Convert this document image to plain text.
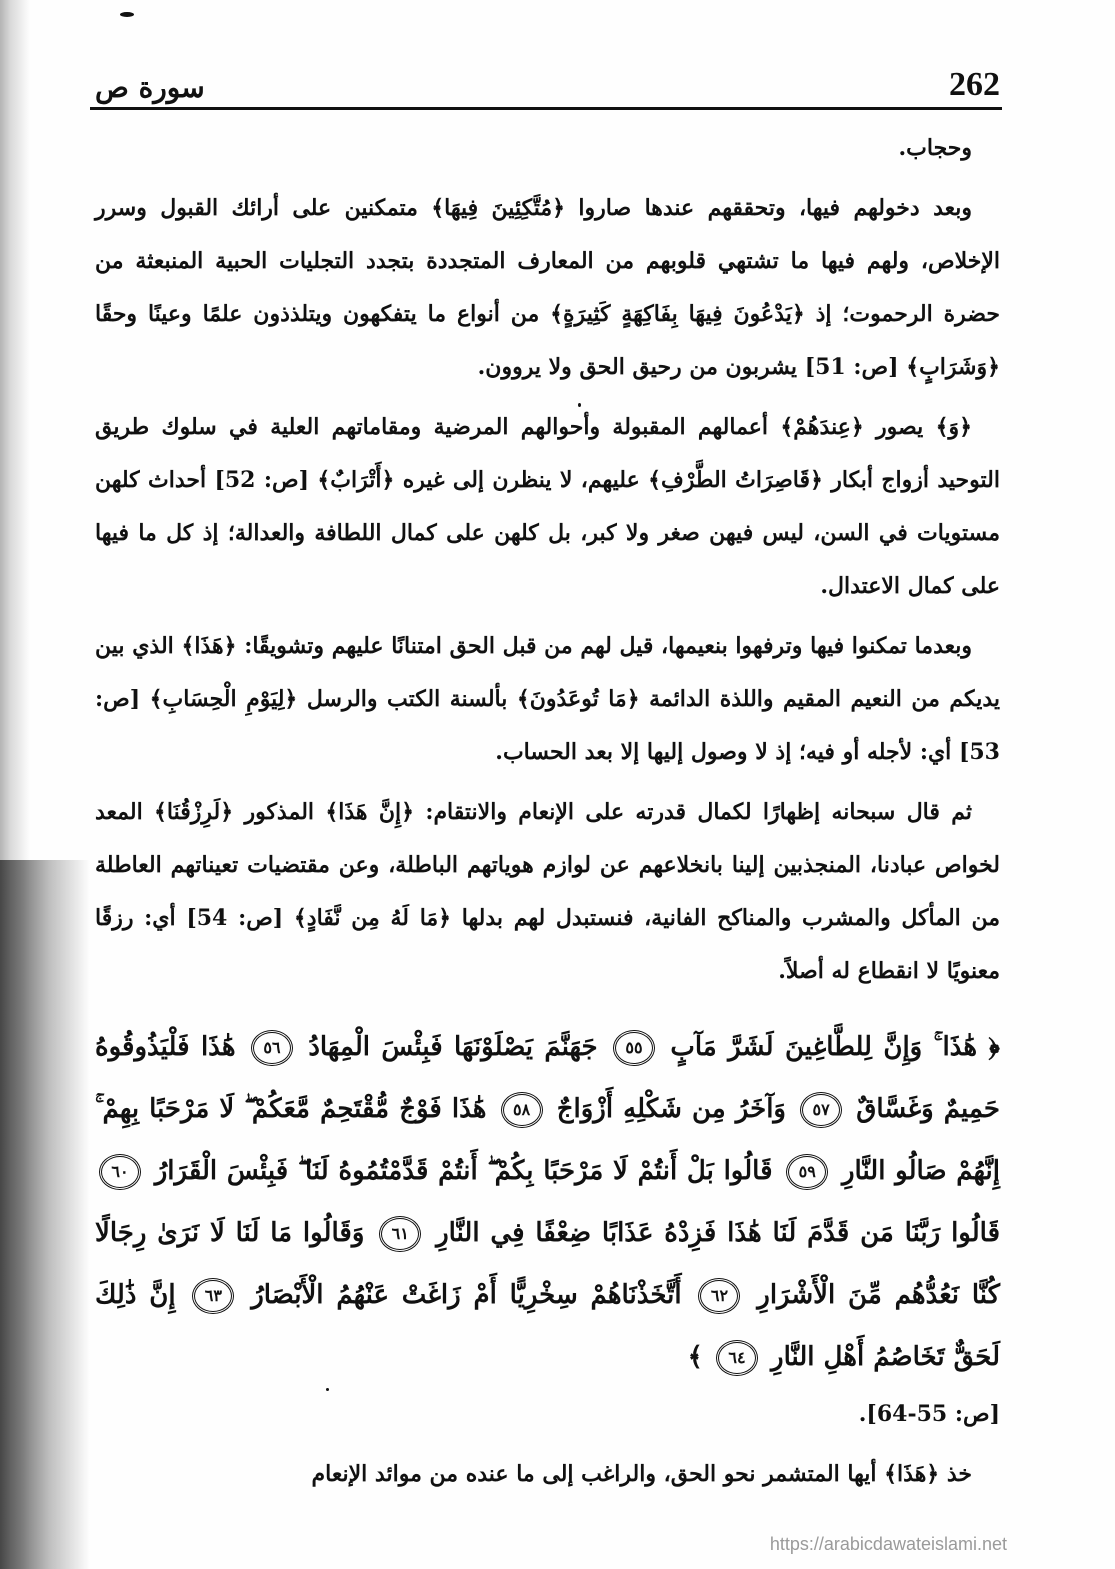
سورة ص	262

وحجاب.

وبعد دخولهم فيها، وتحققهم عندها صاروا ﴿مُتَّكِئِينَ فِيهَا﴾ متمكنين على أرائك القبول وسرر الإخلاص، ولهم فيها ما تشتهي قلوبهم من المعارف المتجددة بتجدد التجليات الحبية المنبعثة من حضرة الرحموت؛ إذ ﴿يَدْعُونَ فِيهَا بِفَاكِهَةٍ كَثِيرَةٍ﴾ من أنواع ما يتفكهون ويتلذذون علمًا وعينًا وحقًا ﴿وَشَرَابٍ﴾ [ص: 51] يشربون من رحيق الحق ولا يروون.

﴿وَ﴾ يصور ﴿عِندَهُمْ﴾ أعمالهم المقبولة وأحوالهم المرضية ومقاماتهم العلية في سلوك طريق التوحيد أزواج أبكار ﴿قَاصِرَاتُ الطَّرْفِ﴾ عليهم، لا ينظرن إلى غيره ﴿أَتْرَابٌ﴾ [ص: 52] أحداث كلهن مستويات في السن، ليس فيهن صغر ولا كبر، بل كلهن على كمال اللطافة والعدالة؛ إذ كل ما فيها على كمال الاعتدال.

وبعدما تمكنوا فيها وترفهوا بنعيمها، قيل لهم من قبل الحق امتنانًا عليهم وتشويقًا: ﴿هَذَا﴾ الذي بين يديكم من النعيم المقيم واللذة الدائمة ﴿مَا تُوعَدُونَ﴾ بألسنة الكتب والرسل ﴿لِيَوْمِ الْحِسَابِ﴾ [ص: 53] أي: لأجله أو فيه؛ إذ لا وصول إليها إلا بعد الحساب.

ثم قال سبحانه إظهارًا لكمال قدرته على الإنعام والانتقام: ﴿إِنَّ هَذَا﴾ المذكور ﴿لَرِزْقُنَا﴾ المعد لخواص عبادنا، المنجذبين إلينا بانخلاعهم عن لوازم هوياتهم الباطلة، وعن مقتضيات تعيناتهم العاطلة من المأكل والمشرب والمناكح الفانية، فنستبدل لهم بدلها ﴿مَا لَهُ مِن نَّفَادٍ﴾ [ص: 54] أي: رزقًا معنويًا لا انقطاع له أصلاً.

﴿ هَٰذَا ۚ وَإِنَّ لِلطَّاغِينَ لَشَرَّ مَآبٍ ٥٥ جَهَنَّمَ يَصْلَوْنَهَا فَبِئْسَ الْمِهَادُ ٥٦ هَٰذَا فَلْيَذُوقُوهُ حَمِيمٌ وَغَسَّاقٌ ٥٧ وَآخَرُ مِن شَكْلِهِ أَزْوَاجٌ ٥٨ هَٰذَا فَوْجٌ مُّقْتَحِمٌ مَّعَكُمْ ۖ لَا مَرْحَبًا بِهِمْ ۚ إِنَّهُمْ صَالُو النَّارِ ٥٩ قَالُوا بَلْ أَنتُمْ لَا مَرْحَبًا بِكُمْ ۖ أَنتُمْ قَدَّمْتُمُوهُ لَنَا ۖ فَبِئْسَ الْقَرَارُ ٦٠ قَالُوا رَبَّنَا مَن قَدَّمَ لَنَا هَٰذَا فَزِدْهُ عَذَابًا ضِعْفًا فِي النَّارِ ٦١ وَقَالُوا مَا لَنَا لَا نَرَىٰ رِجَالًا كُنَّا نَعُدُّهُم مِّنَ الْأَشْرَارِ ٦٢ أَتَّخَذْنَاهُمْ سِخْرِيًّا أَمْ زَاغَتْ عَنْهُمُ الْأَبْصَارُ ٦٣ إِنَّ ذَٰلِكَ لَحَقٌّ تَخَاصُمُ أَهْلِ النَّارِ ٦٤ ﴾
[ص: 55-64].

خذ ﴿هَذَا﴾ أيها المتشمر نحو الحق، والراغب إلى ما عنده من موائد الإنعام

https://arabicdawateislami.net
